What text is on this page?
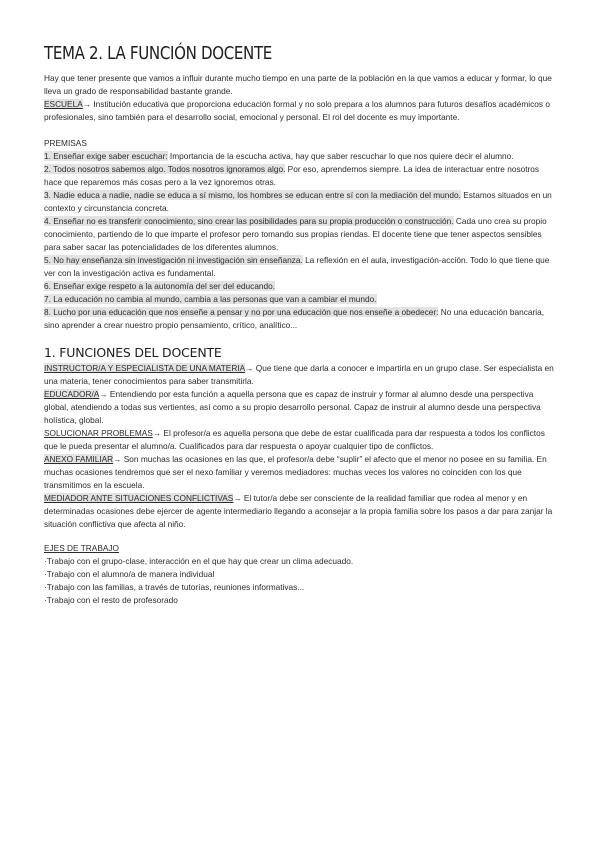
TEMA 2. LA FUNCIÓN DOCENTE

Hay que tener presente que vamos a influir durante mucho tiempo en una parte de la población en la que vamos a educar y formar, lo que lleva un grado de responsabilidad bastante grande.

ESCUELA→ Institución educativa que proporciona educación formal y no solo prepara a los alumnos para futuros desafíos académicos o profesionales, sino también para el desarrollo social, emocional y personal. El rol del docente es muy importante.

PREMISAS

1. Enseñar exige saber escuchar: Importancia de la escucha activa, hay que saber rescuchar lo que nos quiere decir el alumno.

2. Todos nosotros sabemos algo. Todos nosotros ignoramos algo. Por eso, aprendemos siempre. La idea de interactuar entre nosotros hace que reparemos más cosas pero a la vez ignoremos otras.

3. Nadie educa a nadie, nadie se educa a sí mismo, los hombres se educan entre sí con la mediación del mundo. Estamos situados en un contexto y circunstancia concreta.

4. Enseñar no es transferir conocimiento, sino crear las posibilidades para su propia producción o construcción. Cada uno crea su propio conocimiento, partiendo de lo que imparte el profesor pero tomando sus propias riendas. El docente tiene que tener aspectos sensibles para saber sacar las potencialidades de los diferentes alumnos.

5. No hay enseñanza sin investigación ni investigación sin enseñanza. La reflexión en el aula, investigación-acción. Todo lo que tiene que ver con la investigación activa es fundamental.

6. Enseñar exige respeto a la autonomía del ser del educando.

7. La educación no cambia al mundo, cambia a las personas que van a cambiar el mundo.

8. Lucho por una educación que nos enseñe a pensar y no por una educación que nos enseñe a obedecer: No una educación bancaria, sino aprender a crear nuestro propio pensamiento, crítico, analítico...

1. FUNCIONES DEL DOCENTE

INSTRUCTOR/A Y ESPECIALISTA DE UNA MATERIA→ Que tiene que darla a conocer e impartirla en un grupo clase. Ser especialista en una materia, tener conocimientos para saber transmitirla.

EDUCADOR/A→ Entendiendo por esta función a aquella persona que es capaz de instruir y formar al alumno desde una perspectiva global, atendiendo a todas sus vertientes, así como a su propio desarrollo personal. Capaz de instruir al alumno desde una perspectiva holística, global.

SOLUCIONAR PROBLEMAS→ El profesor/a es aquella persona que debe de estar cualificada para dar respuesta a todos los conflictos que le pueda presentar el alumno/a. Cualificados para dar respuesta o apoyar cualquier tipo de conflictos.

ANEXO FAMILIAR→ Son muchas las ocasiones en las que, el profesor/a debe “suplir” el afecto que el menor no posee en su familia. En muchas ocasiones tendremos que ser el nexo familiar y veremos mediadores: muchas veces los valores no coinciden con los que transmitimos en la escuela.

MEDIADOR ANTE SITUACIONES CONFLICTIVAS→ El tutor/a debe ser consciente de la realidad familiar que rodea al menor y en determinadas ocasiones debe ejercer de agente intermediario llegando a aconsejar a la propia familia sobre los pasos a dar para zanjar la situación conflictiva que afecta al niño.

EJES DE TRABAJO

·Trabajo con el grupo-clase, interacción en el que hay que crear un clima adecuado.

·Trabajo con el alumno/a de manera individual

·Trabajo con las familias, a través de tutorías, reuniones informativas...

·Trabajo con el resto de profesorado
